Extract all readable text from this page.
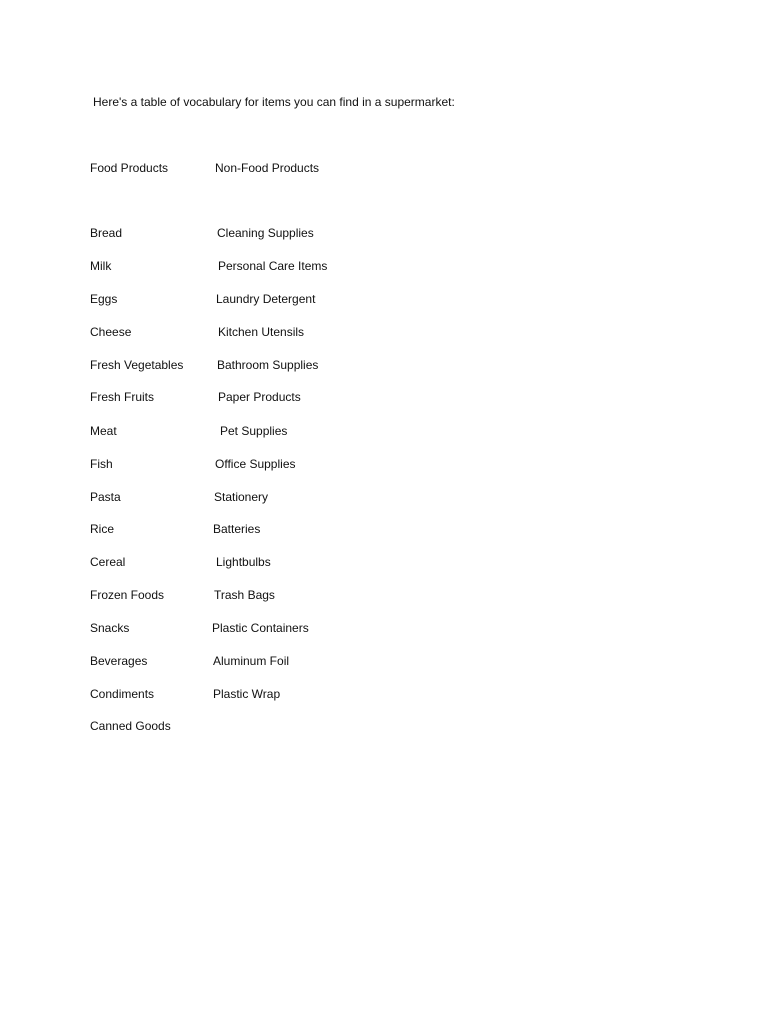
Here's a table of vocabulary for items you can find in a supermarket:
Food Products	Non-Food Products
Bread
Milk
Eggs
Cheese
Fresh Vegetables
Fresh Fruits
Meat
Fish
Pasta
Rice
Cereal
Frozen Foods
Snacks
Beverages
Condiments
Canned Goods
Cleaning Supplies
Personal Care Items
Laundry Detergent
Kitchen Utensils
Bathroom Supplies
Paper Products
Pet Supplies
Office Supplies
Stationery
Batteries
Lightbulbs
Trash Bags
Plastic Containers
Aluminum Foil
Plastic Wrap
